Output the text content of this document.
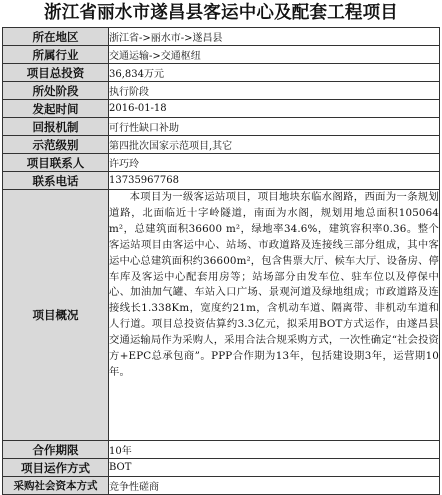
浙江省丽水市遂昌县客运中心及配套工程项目
所在地区	浙江省->丽水市->遂昌县
所属行业	交通运输->交通枢纽
项目总投资	36,834万元
所处阶段	执行阶段
发起时间	2016-01-18
回报机制	可行性缺口补助
示范级别	第四批次国家示范项目,其它
项目联系人	许巧玲
联系电话	13735967768
项目概况	本项目为一级客运站项目，项目地块东临水阁路，西面为一条规划道路，北面临近十字岭隧道，南面为水阁，规划用地总面积105064 m²，总建筑面积36600 m²，绿地率34.6%，建筑容积率0.36。整个客运站项目由客运中心、站场、市政道路及连接线三部分组成，其中客运中心总建筑面积约36600m²，包含售票大厅、候车大厅、设备房、停车库及客运中心配套用房等；站场部分由发车位、驻车位以及停保中心、加油加气罐、车站入口广场、景观河道及绿地组成；市政道路及连接线长1.338Km，宽度约21m，含机动车道、隔离带、非机动车道和人行道。项目总投资估算约3.3亿元，拟采用BOT方式运作，由遂昌县交通运输局作为采购人，采用合法合规采购方式，一次性确定“社会投资方+EPC总承包商”。PPP合作期为13年，包括建设期3年，运营期10年。

合作期限	10年
项目运作方式	BOT
采购社会资本方式	竞争性磋商
